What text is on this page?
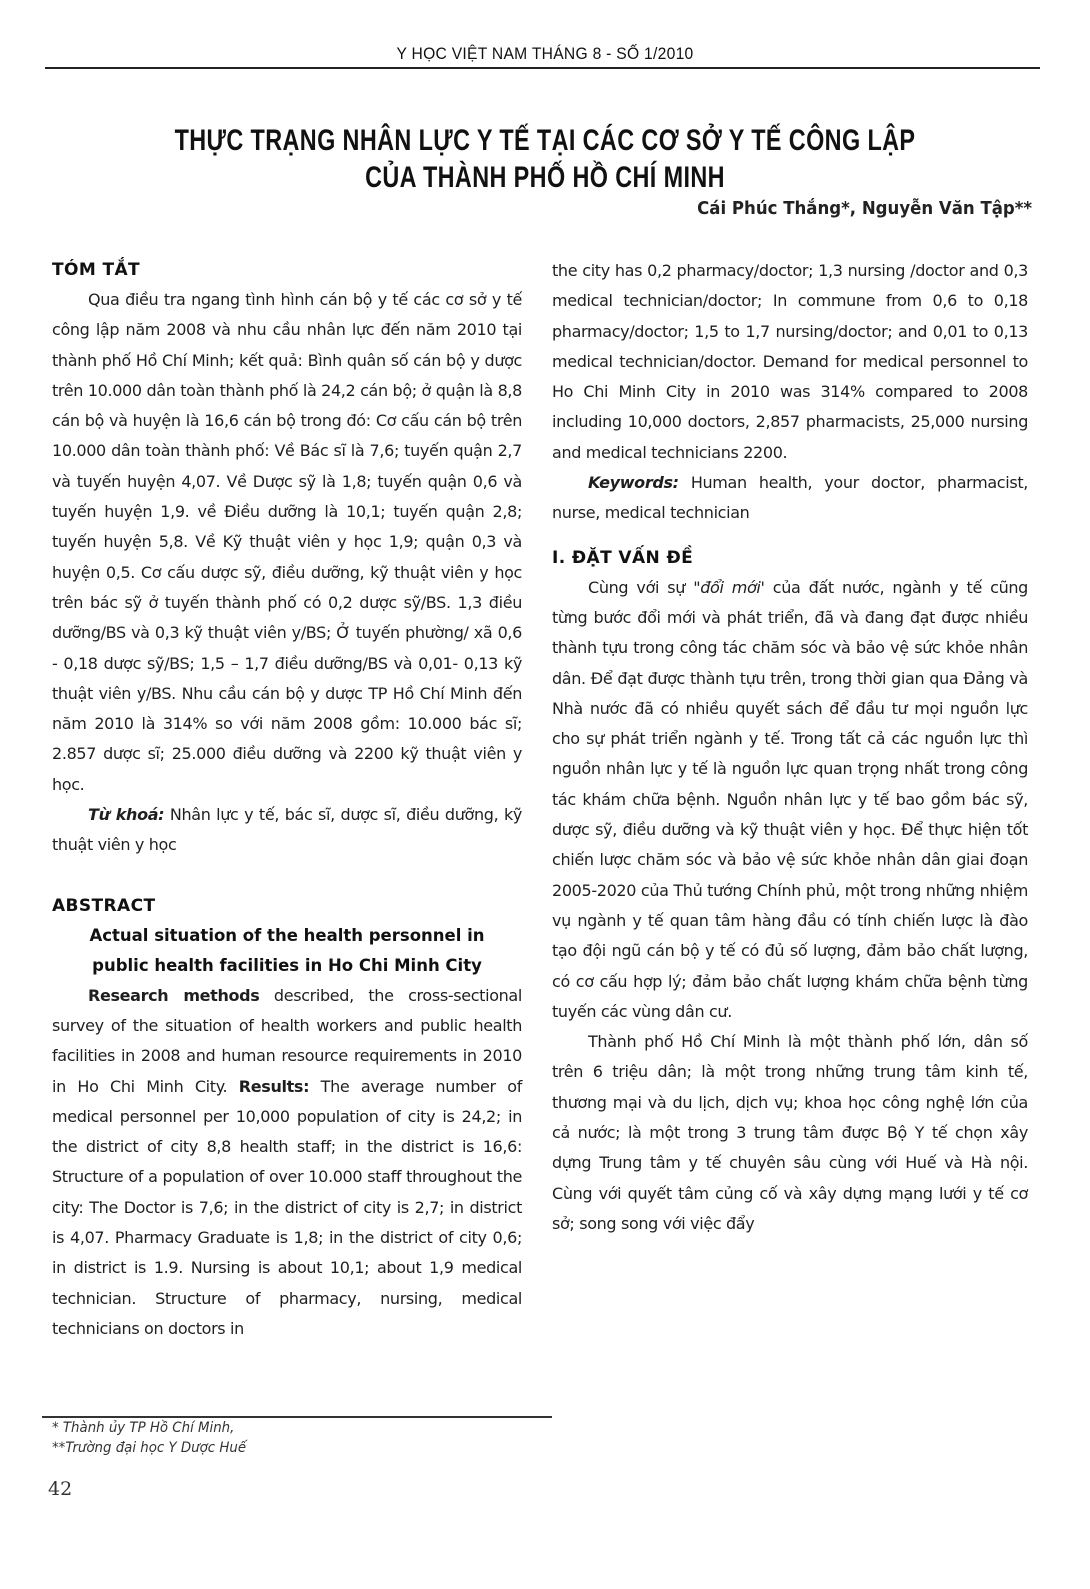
Y HỌC VIỆT NAM THÁNG 8 - SỐ 1/2010
THỰC TRẠNG NHÂN LỰC Y TẾ TẠI CÁC CƠ SỞ Y TẾ CÔNG LẬP
CỦA THÀNH PHỐ HỒ CHÍ MINH
Cái Phúc Thắng*, Nguyễn Văn Tập**
TÓM TẮT

Qua điều tra ngang tình hình cán bộ y tế các cơ sở y tế công lập năm 2008 và nhu cầu nhân lực đến năm 2010 tại thành phố Hồ Chí Minh; kết quả: Bình quân số cán bộ y dược trên 10.000 dân toàn thành phố là 24,2 cán bộ; ở quận là 8,8 cán bộ và huyện là 16,6 cán bộ trong đó: Cơ cấu cán bộ trên 10.000 dân toàn thành phố: Về Bác sĩ là 7,6; tuyến quận 2,7 và tuyến huyện 4,07. Về Dược sỹ là 1,8; tuyến quận 0,6 và tuyến huyện 1,9. về Điều dưỡng là 10,1; tuyến quận 2,8; tuyến huyện 5,8. Về Kỹ thuật viên y học 1,9; quận 0,3 và huyện 0,5. Cơ cấu dược sỹ, điều dưỡng, kỹ thuật viên y học trên bác sỹ ở tuyến thành phố có 0,2 dược sỹ/BS. 1,3 điều dưỡng/BS và 0,3 kỹ thuật viên y/BS; Ở tuyến phường/ xã 0,6 - 0,18 dược sỹ/BS; 1,5 – 1,7 điều dưỡng/BS và 0,01- 0,13 kỹ thuật viên y/BS. Nhu cầu cán bộ y dược TP Hồ Chí Minh đến năm 2010 là 314% so với năm 2008 gồm: 10.000 bác sĩ; 2.857 dược sĩ; 25.000 điều dưỡng và 2200 kỹ thuật viên y học.

Từ khoá: Nhân lực y tế, bác sĩ, dược sĩ, điều dưỡng, kỹ thuật viên y học

ABSTRACT

Actual situation of the health personnel in

public health facilities in Ho Chi Minh City

Research methods described, the cross-sectional survey of the situation of health workers and public health facilities in 2008 and human resource requirements in 2010 in Ho Chi Minh City. Results: The average number of medical personnel per 10,000 population of city is 24,2; in the district of city 8,8 health staff; in the district is 16,6: Structure of a population of over 10.000 staff throughout the city: The Doctor is 7,6; in the district of city is 2,7; in district is 4,07. Pharmacy Graduate is 1,8; in the district of city 0,6; in district is 1.9. Nursing is about 10,1; about 1,9 medical technician. Structure of pharmacy, nursing, medical technicians on doctors in

the city has 0,2 pharmacy/doctor; 1,3 nursing /doctor and 0,3 medical technician/doctor; In commune from 0,6 to 0,18 pharmacy/doctor; 1,5 to 1,7 nursing/doctor; and 0,01 to 0,13 medical technician/doctor. Demand for medical personnel to Ho Chi Minh City in 2010 was 314% compared to 2008 including 10,000 doctors, 2,857 pharmacists, 25,000 nursing and medical technicians 2200.

Keywords: Human health, your doctor, pharmacist, nurse, medical technician

I. ĐẶT VẤN ĐỀ

Cùng với sự "đổi mới' của đất nước, ngành y tế cũng từng bước đổi mới và phát triển, đã và đang đạt được nhiều thành tựu trong công tác chăm sóc và bảo vệ sức khỏe nhân dân. Để đạt được thành tựu trên, trong thời gian qua Đảng và Nhà nước đã có nhiều quyết sách để đầu tư mọi nguồn lực cho sự phát triển ngành y tế. Trong tất cả các nguồn lực thì nguồn nhân lực y tế là nguồn lực quan trọng nhất trong công tác khám chữa bệnh. Nguồn nhân lực y tế bao gồm bác sỹ, dược sỹ, điều dưỡng và kỹ thuật viên y học. Để thực hiện tốt chiến lược chăm sóc và bảo vệ sức khỏe nhân dân giai đoạn 2005-2020 của Thủ tướng Chính phủ, một trong những nhiệm vụ ngành y tế quan tâm hàng đầu có tính chiến lược là đào tạo đội ngũ cán bộ y tế có đủ số lượng, đảm bảo chất lượng, có cơ cấu hợp lý; đảm bảo chất lượng khám chữa bệnh từng tuyến các vùng dân cư.

Thành phố Hồ Chí Minh là một thành phố lớn, dân số trên 6 triệu dân; là một trong những trung tâm kinh tế, thương mại và du lịch, dịch vụ; khoa học công nghệ lớn của cả nước; là một trong 3 trung tâm được Bộ Y tế chọn xây dựng Trung tâm y tế chuyên sâu cùng với Huế và Hà nội. Cùng với quyết tâm củng cố và xây dựng mạng lưới y tế cơ sở; song song với việc đẩy

* Thành ủy TP Hồ Chí Minh,
**Trường đại học Y Dược Huế
42
